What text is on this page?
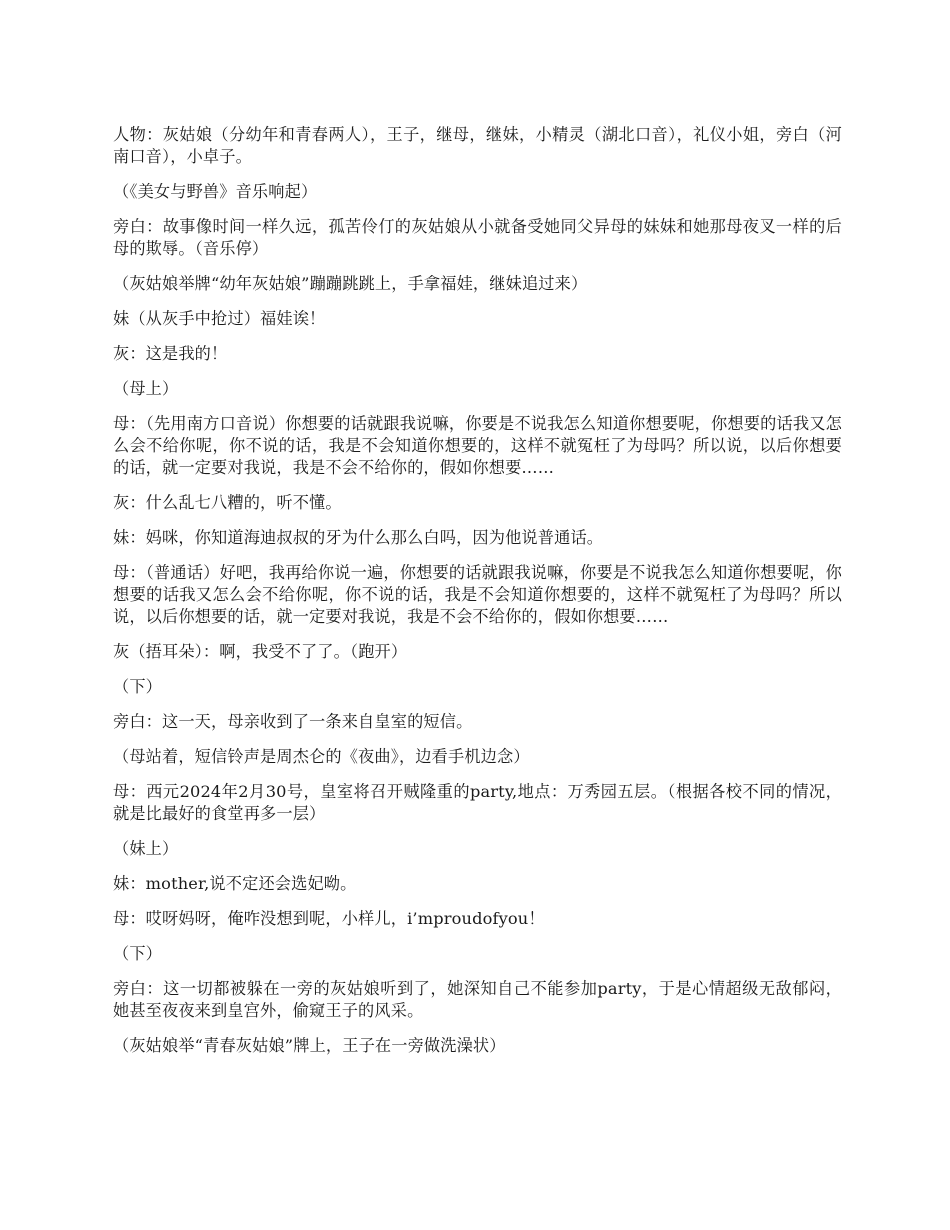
人物：灰姑娘（分幼年和青春两人），王子，继母，继妹，小精灵（湖北口音），礼仪小姐，旁白（河南口音），小卓子。

（《美女与野兽》音乐响起）

旁白：故事像时间一样久远，孤苦伶仃的灰姑娘从小就备受她同父异母的妹妹和她那母夜叉一样的后母的欺辱。（音乐停）

（灰姑娘举牌“幼年灰姑娘”蹦蹦跳跳上，手拿福娃，继妹追过来）

妹（从灰手中抢过）福娃诶！

灰：这是我的！

（母上）

母：（先用南方口音说）你想要的话就跟我说嘛，你要是不说我怎么知道你想要呢，你想要的话我又怎么会不给你呢，你不说的话，我是不会知道你想要的，这样不就冤枉了为母吗？所以说，以后你想要的话，就一定要对我说，我是不会不给你的，假如你想要……

灰：什么乱七八糟的，听不懂。

妹：妈咪，你知道海迪叔叔的牙为什么那么白吗，因为他说普通话。

母：（普通话）好吧，我再给你说一遍，你想要的话就跟我说嘛，你要是不说我怎么知道你想要呢，你想要的话我又怎么会不给你呢，你不说的话，我是不会知道你想要的，这样不就冤枉了为母吗？所以说，以后你想要的话，就一定要对我说，我是不会不给你的，假如你想要……

灰（捂耳朵）：啊，我受不了了。（跑开）

（下）

旁白：这一天，母亲收到了一条来自皇室的短信。

（母站着，短信铃声是周杰仑的《夜曲》，边看手机边念）

母：西元2024年2月30号，皇室将召开贼隆重的party,地点：万秀园五层。（根据各校不同的情况，就是比最好的食堂再多一层）

（妹上）

妹：mother,说不定还会选妃呦。

母：哎呀妈呀，俺咋没想到呢，小样儿，i’mproudofyou！

（下）

旁白：这一切都被躲在一旁的灰姑娘听到了，她深知自己不能参加party，于是心情超级无敌郁闷，她甚至夜夜来到皇宫外，偷窥王子的风采。

（灰姑娘举“青春灰姑娘”牌上，王子在一旁做洗澡状）
